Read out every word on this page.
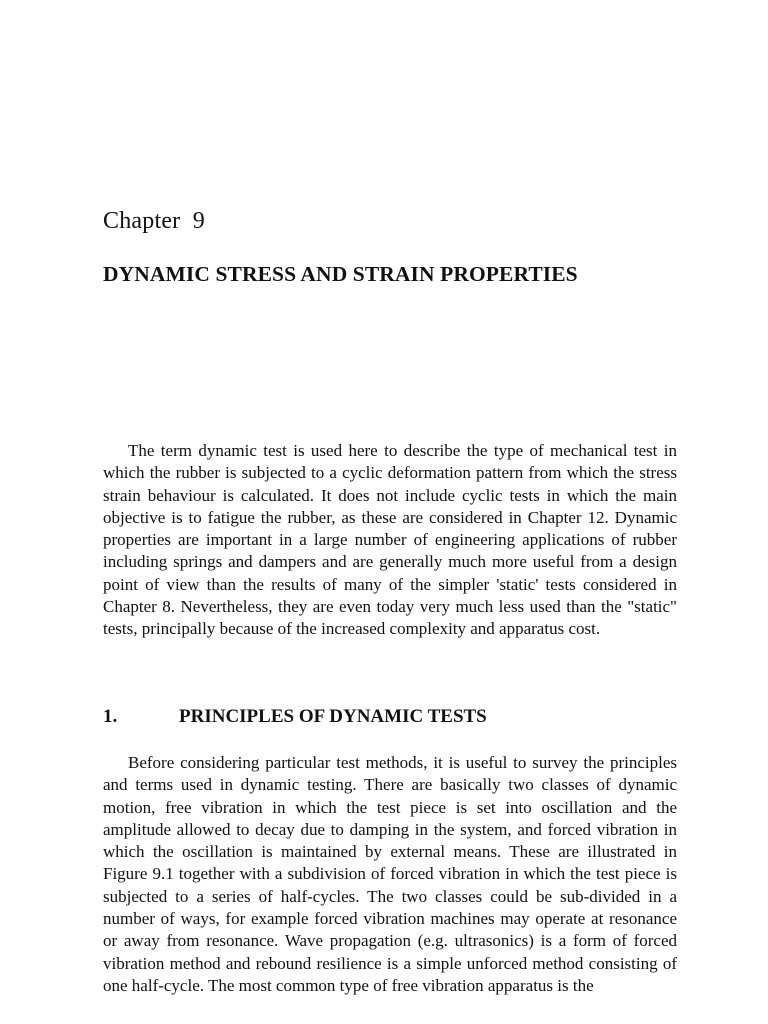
Chapter  9
DYNAMIC STRESS AND STRAIN PROPERTIES

The term dynamic test is used here to describe the type of mechanical test in which the rubber is subjected to a cyclic deformation pattern from which the stress strain behaviour is calculated. It does not include cyclic tests in which the main objective is to fatigue the rubber, as these are considered in Chapter 12. Dynamic properties are important in a large number of engineering applications of rubber including springs and dampers and are generally much more useful from a design point of view than the results of many of the simpler 'static' tests considered in Chapter 8. Nevertheless, they are even today very much less used than the "static" tests, principally because of the increased complexity and apparatus cost.

1.	PRINCIPLES OF DYNAMIC TESTS

Before considering particular test methods, it is useful to survey the principles and terms used in dynamic testing. There are basically two classes of dynamic motion, free vibration in which the test piece is set into oscillation and the amplitude allowed to decay due to damping in the system, and forced vibration in which the oscillation is maintained by external means. These are illustrated in Figure 9.1 together with a subdivision of forced vibration in which the test piece is subjected to a series of half-cycles. The two classes could be sub-divided in a number of ways, for example forced vibration machines may operate at resonance or away from resonance. Wave propagation (e.g. ultrasonics) is a form of forced vibration method and rebound resilience is a simple unforced method consisting of one half-cycle. The most common type of free vibration apparatus is the
